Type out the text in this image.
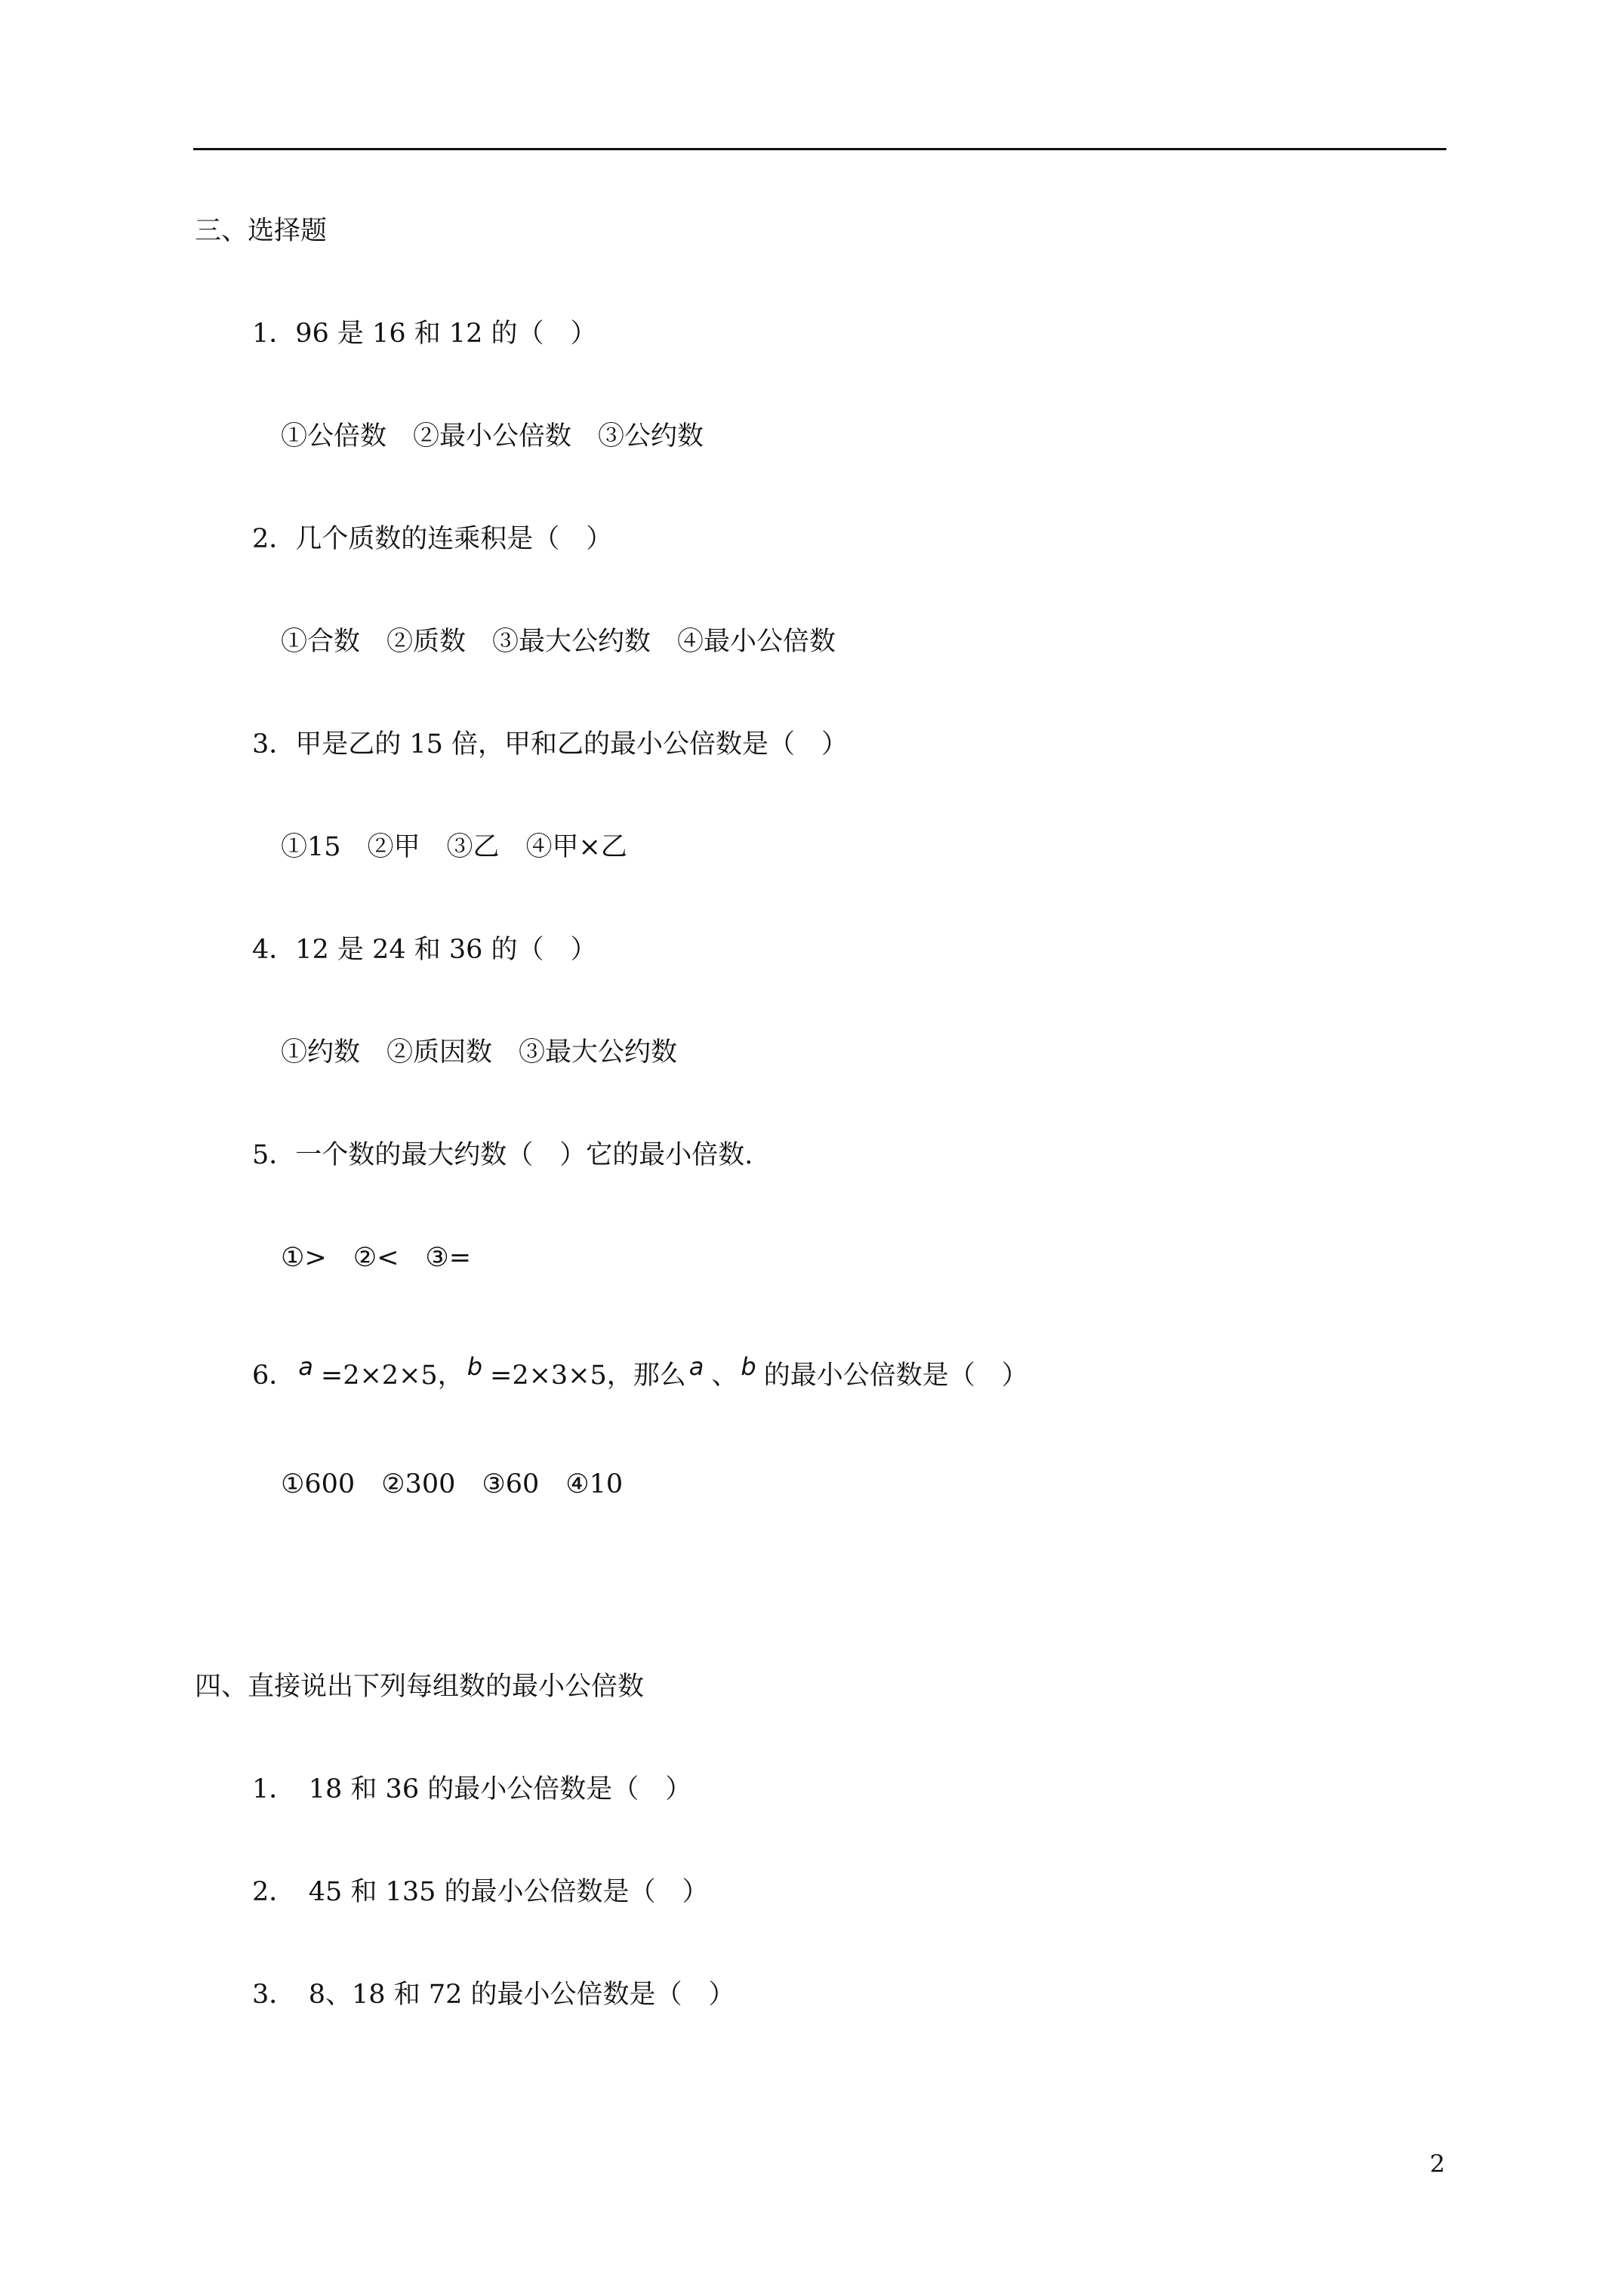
三、选择题
1．96 是 16 和 12 的（　）
①公倍数　②最小公倍数　③公约数
2．几个质数的连乘积是（　）
①合数　②质数　③最大公约数　④最小公倍数
3．甲是乙的 15 倍，甲和乙的最小公倍数是（　）
①15　②甲　③乙　④甲×乙
4．12 是 24 和 36 的（　）
①约数　②质因数　③最大公约数
5．一个数的最大约数（　）它的最小倍数.
①>　②<　③=
6． a =2×2×5， b =2×3×5，那么 a 、 b 的最小公倍数是（　）
①600　②300　③60　④10
四、直接说出下列每组数的最小公倍数
1．　18 和 36 的最小公倍数是（　）
2．　45 和 135 的最小公倍数是（　）
3．　8、18 和 72 的最小公倍数是（　）
2
